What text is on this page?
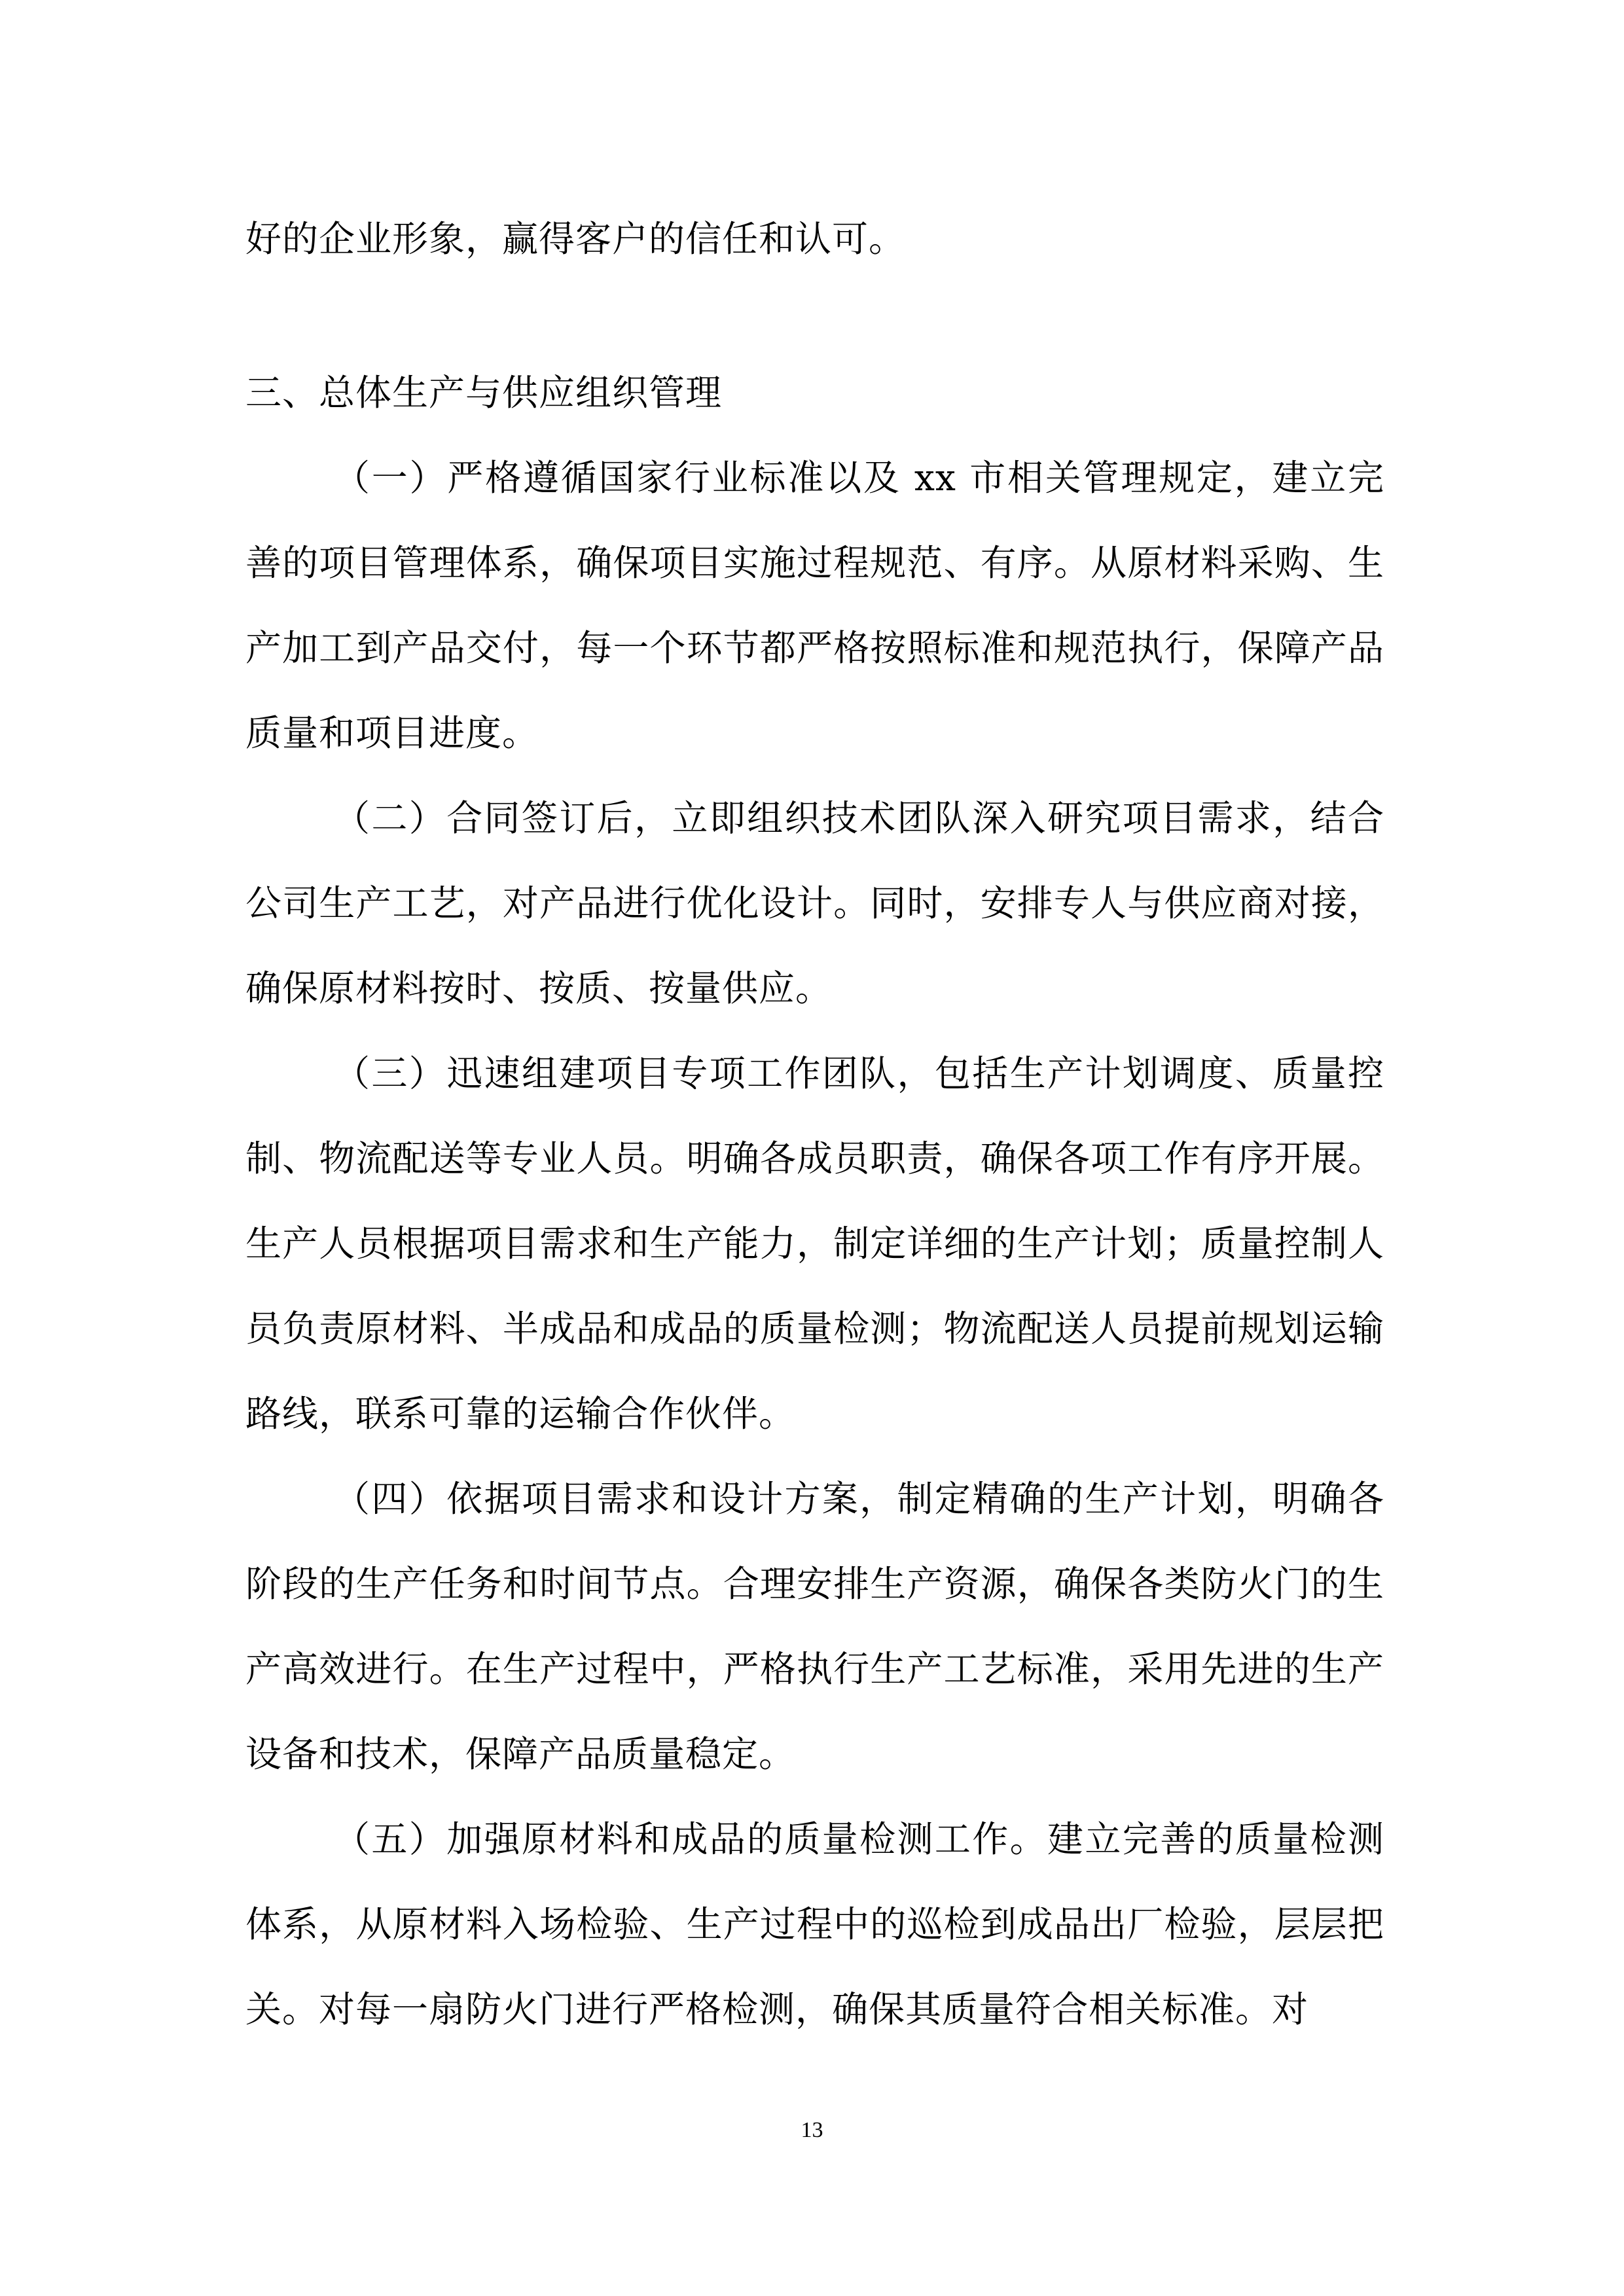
好的企业形象，赢得客户的信任和认可。

三、总体生产与供应组织管理

（一）严格遵循国家行业标准以及 xx 市相关管理规定，建立完善的项目管理体系，确保项目实施过程规范、有序。从原材料采购、生产加工到产品交付，每一个环节都严格按照标准和规范执行，保障产品质量和项目进度。

（二）合同签订后，立即组织技术团队深入研究项目需求，结合公司生产工艺，对产品进行优化设计。同时，安排专人与供应商对接，确保原材料按时、按质、按量供应。

（三）迅速组建项目专项工作团队，包括生产计划调度、质量控制、物流配送等专业人员。明确各成员职责，确保各项工作有序开展。生产人员根据项目需求和生产能力，制定详细的生产计划；质量控制人员负责原材料、半成品和成品的质量检测；物流配送人员提前规划运输路线，联系可靠的运输合作伙伴。

（四）依据项目需求和设计方案，制定精确的生产计划，明确各阶段的生产任务和时间节点。合理安排生产资源，确保各类防火门的生产高效进行。在生产过程中，严格执行生产工艺标准，采用先进的生产设备和技术，保障产品质量稳定。

（五）加强原材料和成品的质量检测工作。建立完善的质量检测体系，从原材料入场检验、生产过程中的巡检到成品出厂检验，层层把关。对每一扇防火门进行严格检测，确保其质量符合相关标准。对

13
